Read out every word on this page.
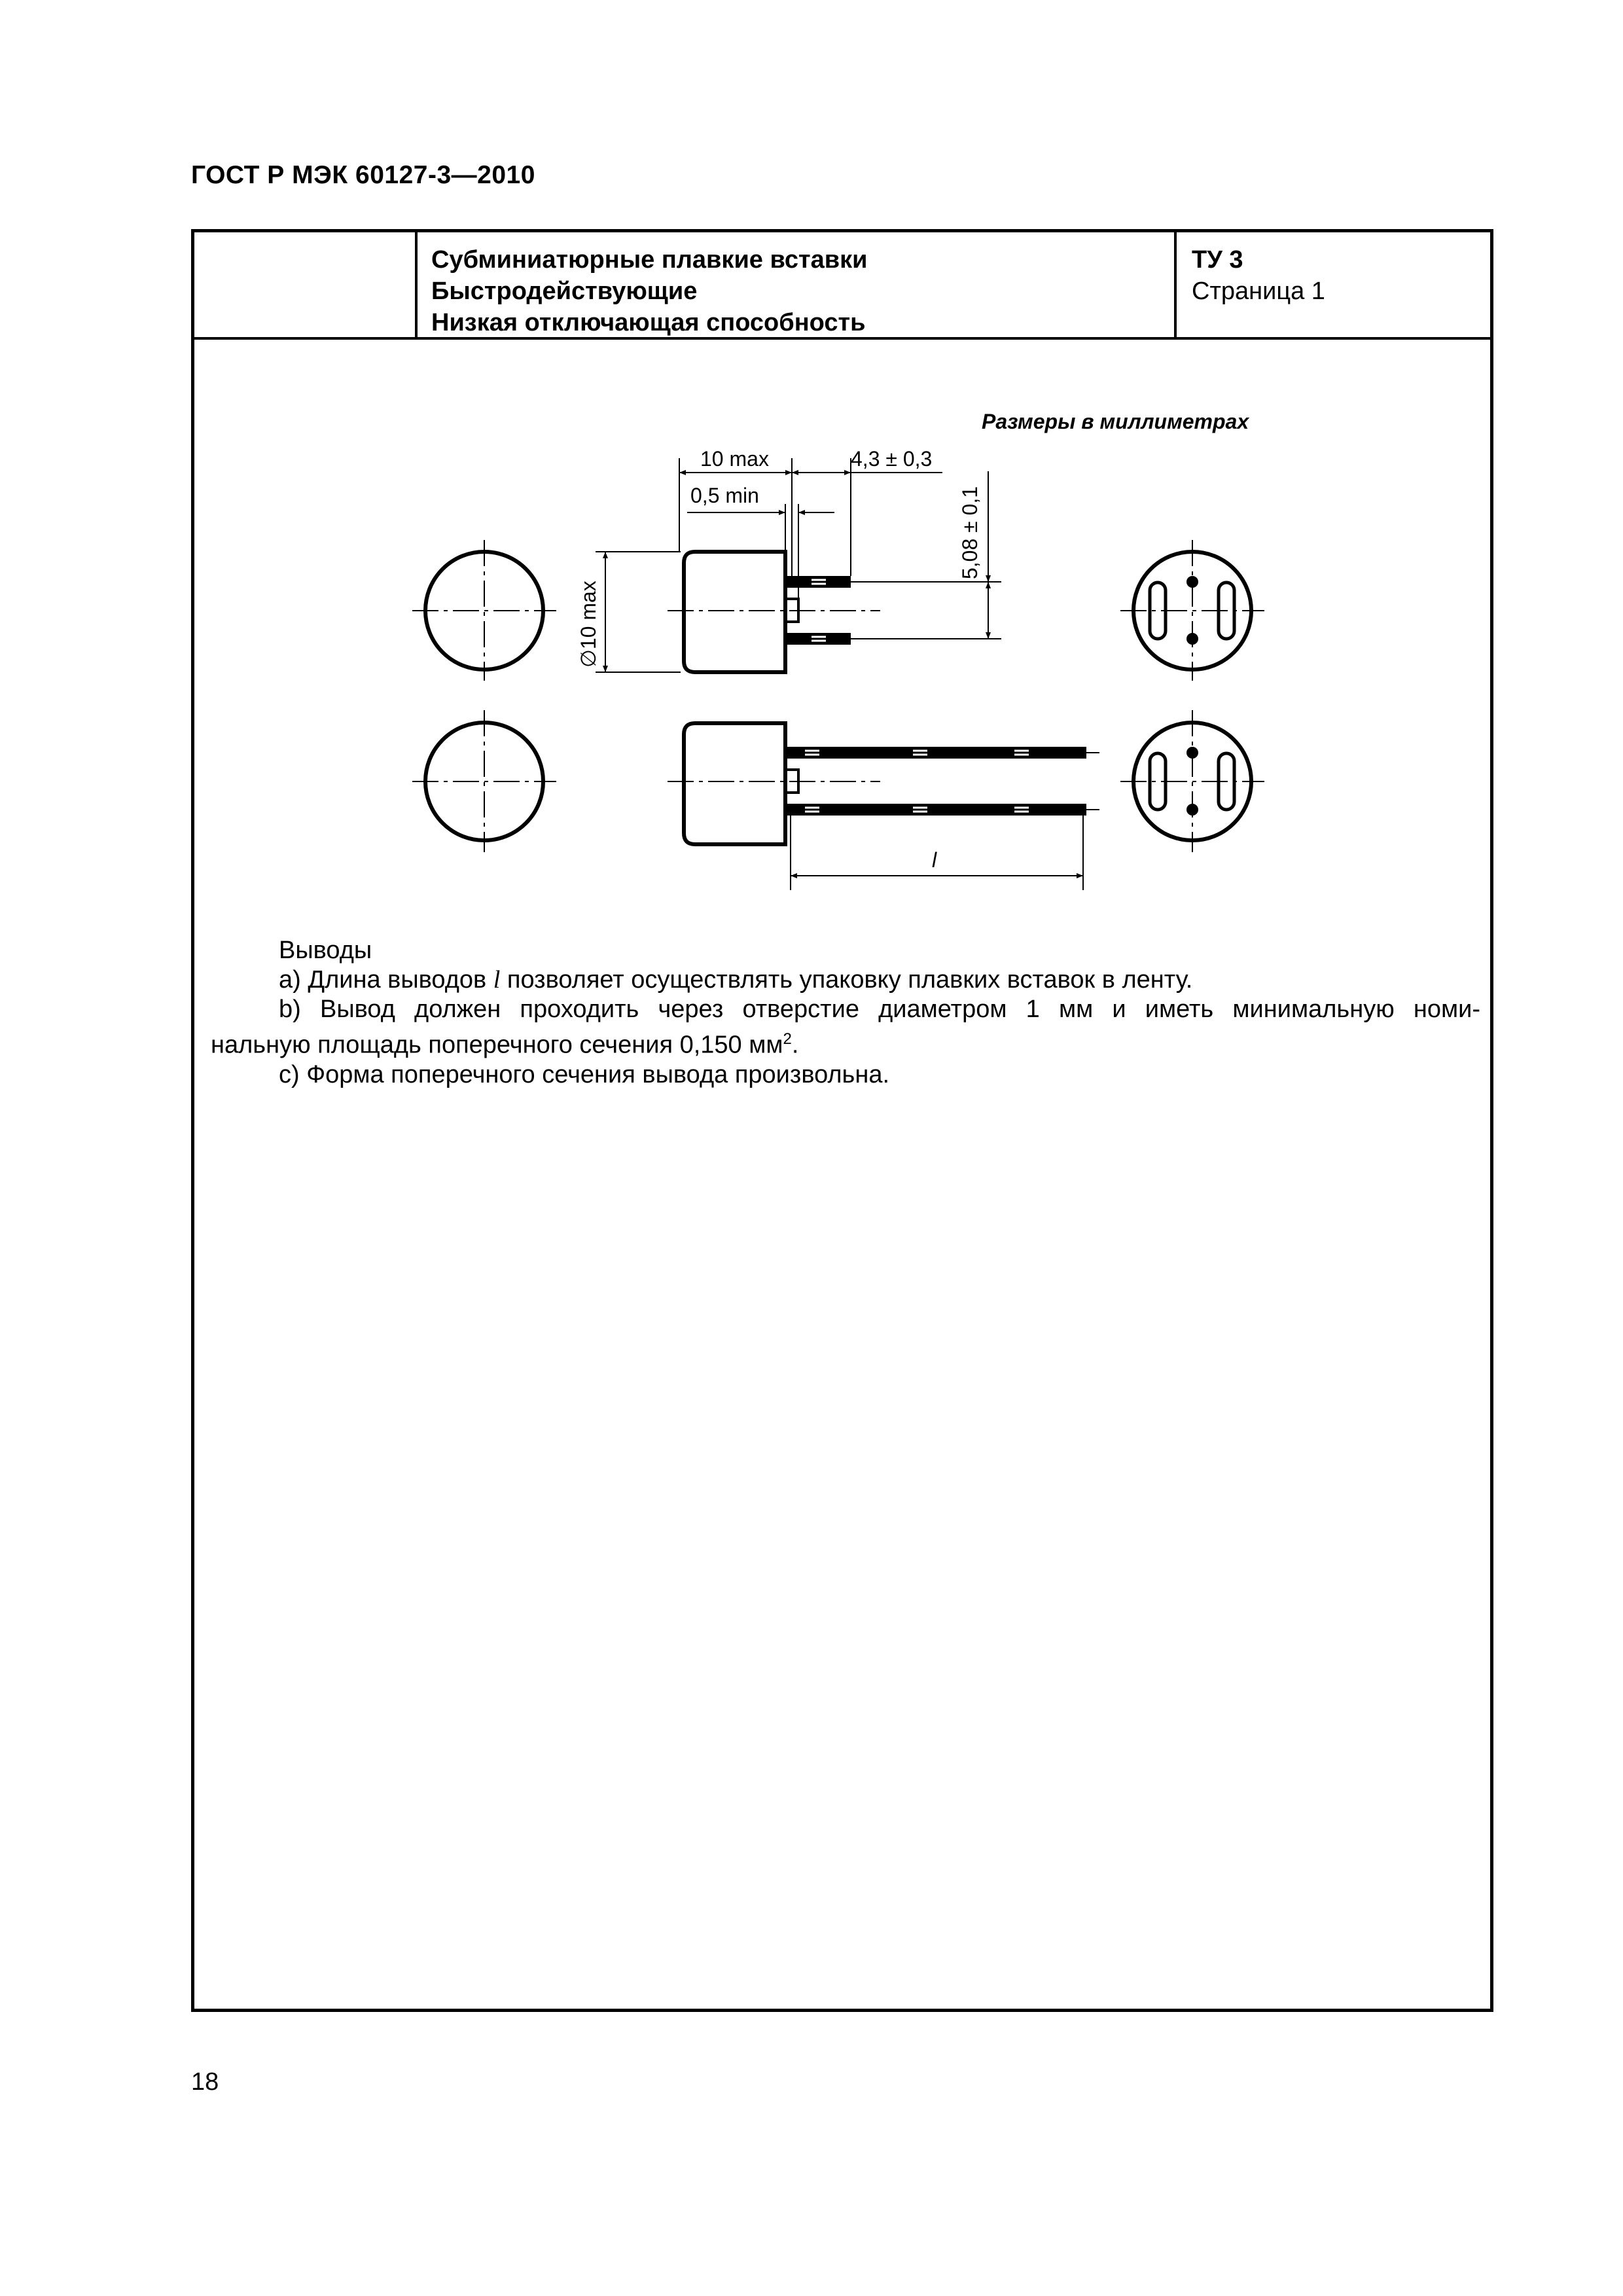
ГОСТ Р МЭК 60127-3—2010
Субминиатюрные плавкие вставки
Быстродействующие
Низкая отключающая способность
ТУ 3
Страница 1
Размеры в миллиметрах
10 max	4,3 ± 0,3
0,5 min	5,08 ± 0,1
∅10 max
l

Выводы

a) Длина выводов l позволяет осуществлять упаковку плавких вставок в ленту.

b) Вывод должен проходить через отверстие диаметром 1 мм и иметь минимальную номи-

нальную площадь поперечного сечения 0,150 $мм^2$.

c) Форма поперечного сечения вывода произвольна.

18
